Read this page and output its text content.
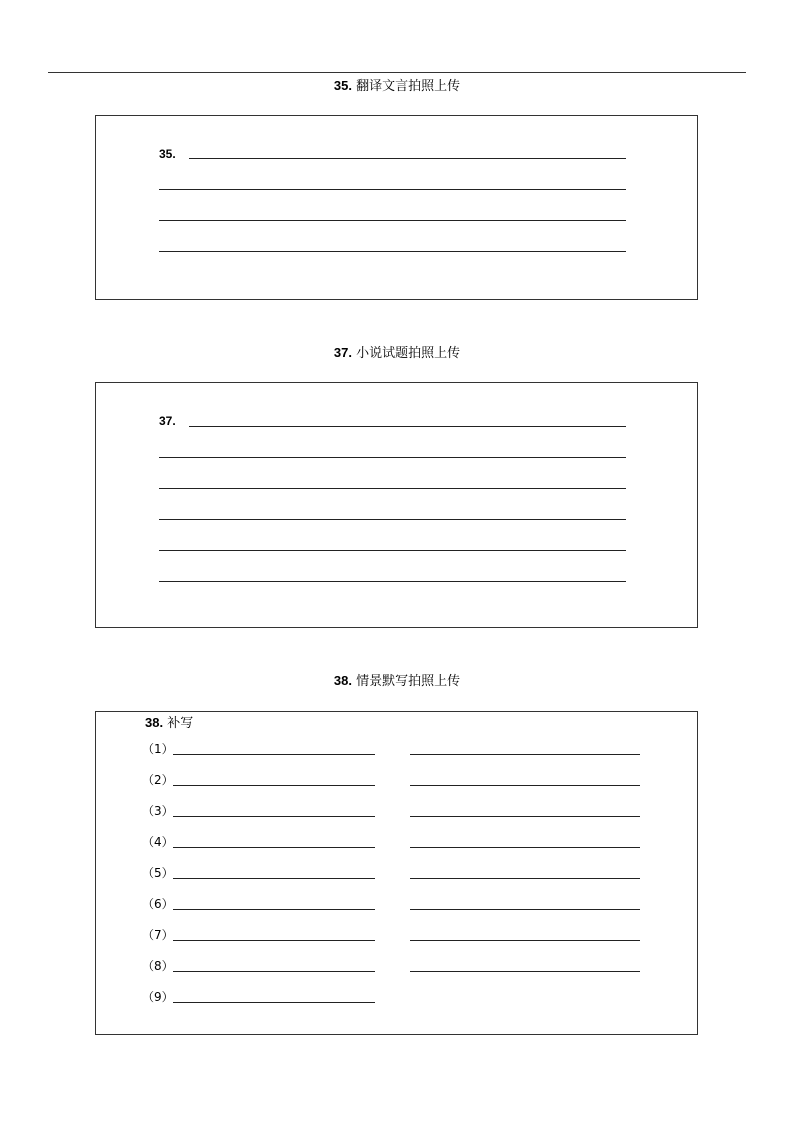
35. 翻译文言拍照上传
35.
37. 小说试题拍照上传
37.
38. 情景默写拍照上传
38. 补写
（1）
（2）
（3）
（4）
（5）
（6）
（7）
（8）
（9）
